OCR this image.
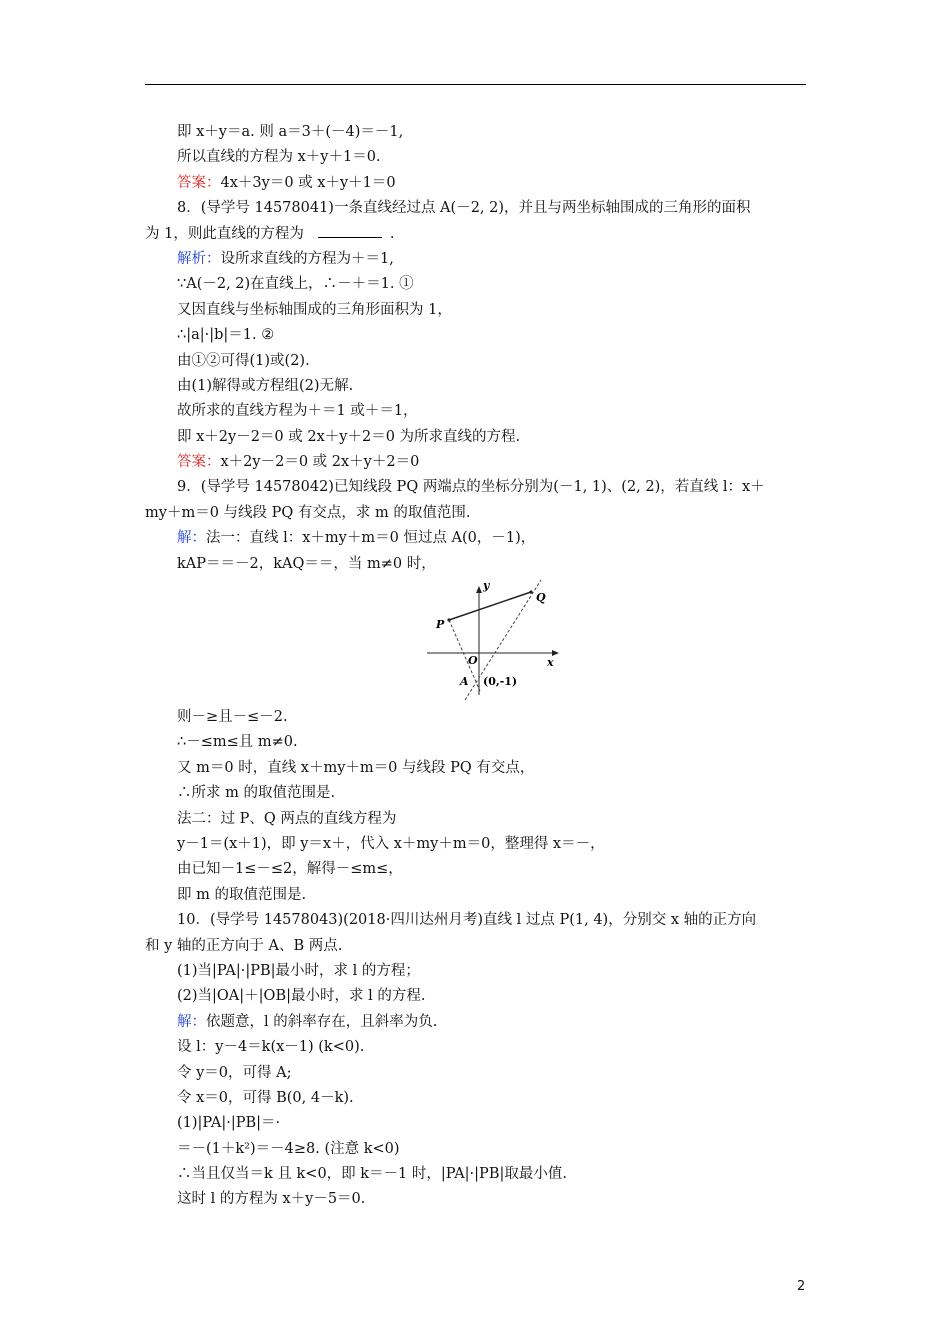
即 x＋y＝a. 则 a＝3＋(－4)＝－1,
所以直线的方程为 x＋y＋1＝0.
答案：4x＋3y＝0 或 x＋y＋1＝0
8．(导学号 14578041)一条直线经过点 A(－2, 2)，并且与两坐标轴围成的三角形的面积
为 1，则此直线的方程为	.
解析：设所求直线的方程为＋＝1,
∵A(－2, 2)在直线上，∴－＋＝1. ①
又因直线与坐标轴围成的三角形面积为 1，
∴|a|·|b|＝1. ②
由①②可得(1)或(2).
由(1)解得或方程组(2)无解.
故所求的直线方程为＋＝1 或＋＝1，
即 x＋2y－2＝0 或 2x＋y＋2＝0 为所求直线的方程.
答案：x＋2y－2＝0 或 2x＋y＋2＝0
9．(导学号 14578042)已知线段 PQ 两端点的坐标分别为(－1, 1)、(2, 2)，若直线 l：x＋
my＋m＝0 与线段 PQ 有交点，求 m 的取值范围.
解：法一：直线 l：x＋my＋m＝0 恒过点 A(0，－1)，
kAP＝＝－2，kAQ＝＝，当 m≠0 时，
y
x
P
Q
O
A (0,-1)
则－≥且－≤－2.
∴－≤m≤且 m≠0.
又 m＝0 时，直线 x＋my＋m＝0 与线段 PQ 有交点，
∴所求 m 的取值范围是.
法二：过 P、Q 两点的直线方程为
y－1＝(x＋1)，即 y＝x＋，代入 x＋my＋m＝0，整理得 x＝－，
由已知－1≤－≤2，解得－≤m≤，
即 m 的取值范围是.
10．(导学号 14578043)(2018·四川达州月考)直线 l 过点 P(1, 4)，分别交 x 轴的正方向
和 y 轴的正方向于 A、B 两点.
(1)当|PA|·|PB|最小时，求 l 的方程；
(2)当|OA|＋|OB|最小时，求 l 的方程.
解：依题意，l 的斜率存在，且斜率为负.
设 l：y－4＝k(x－1) (k<0).
令 y＝0，可得 A;
令 x＝0，可得 B(0, 4－k).
(1)|PA|·|PB|＝·
＝－(1＋k²)＝－4≥8. (注意 k<0)
∴当且仅当＝k 且 k<0，即 k＝－1 时，|PA|·|PB|取最小值.
这时 l 的方程为 x＋y－5＝0.
2
